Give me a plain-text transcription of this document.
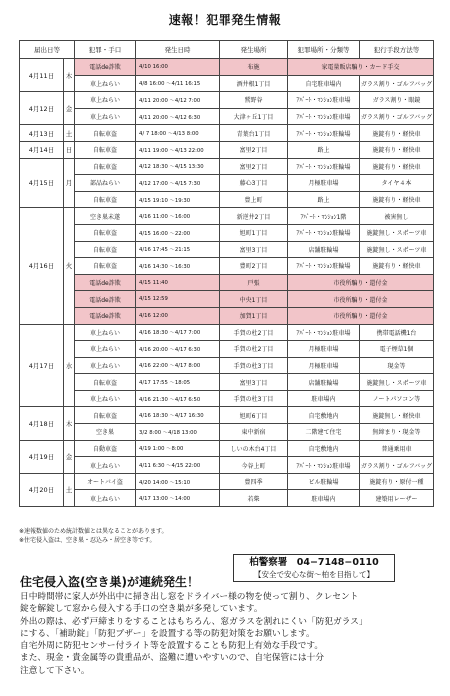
速報！犯罪発生情報
届出日等		犯罪・手口	発生日時	発生場所	犯罪場所・分類等	犯行手段方法等
4月11日	木	電話de詐欺	4/10 16:00	布施	家電量販店騙り・カード手交	
		車上ねらい	4/8 16:00 〜4/11 16:15	酒井根1丁目	自宅駐車場内	ガラス割り・ゴルフバッグ
4月12日	金	車上ねらい	4/11 20:00 〜4/12 7:00	鷲野谷	ｱﾊﾟｰﾄ・ﾏﾝｼｮﾝ駐車場	ガラス割り・眼鏡
		車上ねらい	4/11 20:00 〜4/12 6:30	大津ヶ丘1丁目	ｱﾊﾟｰﾄ・ﾏﾝｼｮﾝ駐車場	ガラス割り・ゴルフバッグ
4月13日	土	自転車盗	4/ 7 18:00 〜4/13 8:00	青葉台1丁目	ｱﾊﾟｰﾄ・ﾏﾝｼｮﾝ駐輪場	施錠有り・軽快車
4月14日	日	自転車盗	4/11 19:00 〜4/13 22:00	富里2丁目	路上	施錠有り・軽快車
4月15日	月	自転車盗	4/12 18:30 〜4/15 13:30	富里2丁目	ｱﾊﾟｰﾄ・ﾏﾝｼｮﾝ駐輪場	施錠有り・軽快車
		部品ねらい	4/12 17:00 〜4/15 7:30	藤心3丁目	月極駐車場	タイヤ４本
		自転車盗	4/15 19:10 〜19:30	豊上町	路上	施錠有り・軽快車
4月16日	火	空き巣未遂	4/16 11:00 〜16:00	新逆井2丁目	ｱﾊﾟｰﾄ・ﾏﾝｼｮﾝ1階	被害無し
		自転車盗	4/15 16:00 〜22:00	旭町1丁目	ｱﾊﾟｰﾄ・ﾏﾝｼｮﾝ駐輪場	施錠無し・スポーツ車
		自転車盗	4/16 17:45 〜21:15	富里3丁目	店舗駐輪場	施錠無し・スポーツ車
		自転車盗	4/16 14:30 〜16:30	豊町2丁目	ｱﾊﾟｰﾄ・ﾏﾝｼｮﾝ駐輪場	施錠有り・軽快車
		電話de詐欺	4/15 11:40	戸張	市役所騙り・還付金	
		電話de詐欺	4/15 12:59	中央1丁目	市役所騙り・還付金	
		電話de詐欺	4/16 12:00	加賀1丁目	市役所騙り・還付金	
4月17日	水	車上ねらい	4/16 18:30 〜4/17 7:00	手賀の杜2丁目	ｱﾊﾟｰﾄ・ﾏﾝｼｮﾝ駐車場	携帯電話機1台
		車上ねらい	4/16 20:00 〜4/17 6:30	手賀の杜2丁目	月極駐車場	電子煙草1個
		車上ねらい	4/16 22:00 〜4/17 8:00	手賀の杜3丁目	月極駐車場	現金等
		自転車盗	4/17 17:55 〜18:05	富里3丁目	店舗駐輪場	施錠無し・スポーツ車
		車上ねらい	4/16 21:30 〜4/17 6:50	手賀の杜3丁目	駐車場内	ノートパソコン等
4月18日	木	自転車盗	4/16 18:30 〜4/17 16:30	旭町6丁目	自宅敷地内	施錠無し・軽快車
		空き巣	3/2 8:00 〜4/18 13:00	東中新宿	二階建て住宅	無締まり・現金等
4月19日	金	自動車盗	4/19 1:00 〜8:00	しいの木台4丁目	自宅敷地内	普通乗用車
		車上ねらい	4/11 6:30 〜4/15 22:00	今谷上町	ｱﾊﾟｰﾄ・ﾏﾝｼｮﾝ駐車場	ガラス割り・ゴルフバッグ
4月20日	土	オートバイ盗	4/20 14:00 〜15:10	豊四季	ビル駐輪場	施錠有り・原付一種
		車上ねらい	4/17 13:00 〜14:00	若柴	駐車場内	建築用レーザー
※速報数値のため統計数値とは異なることがあります。
※住宅侵入盗は、空き巣・忍込み・居空き等です。
柏警察署　04−7148−0110
【安全で安心な街〜柏を目指して】
住宅侵入盗(空き巣)が連続発生！
日中時間帯に家人が外出中に掃き出し窓をドライバー様の物を使って割り、クレセント
錠を解錠して窓から侵入する手口の空き巣が多発しています。
外出の際は、必ず戸締まりをすることはもちろん、窓ガラスを割れにくい「防犯ガラス」
にする、「補助錠」「防犯ブザー」を設置する等の防犯対策をお願いします。
自宅外周に防犯センサー付ライト等を設置することも防犯上有効な手段です。
また、現金・貴金属等の貴重品が、盗難に遭いやすいので、自宅保管には十分
注意して下さい。
